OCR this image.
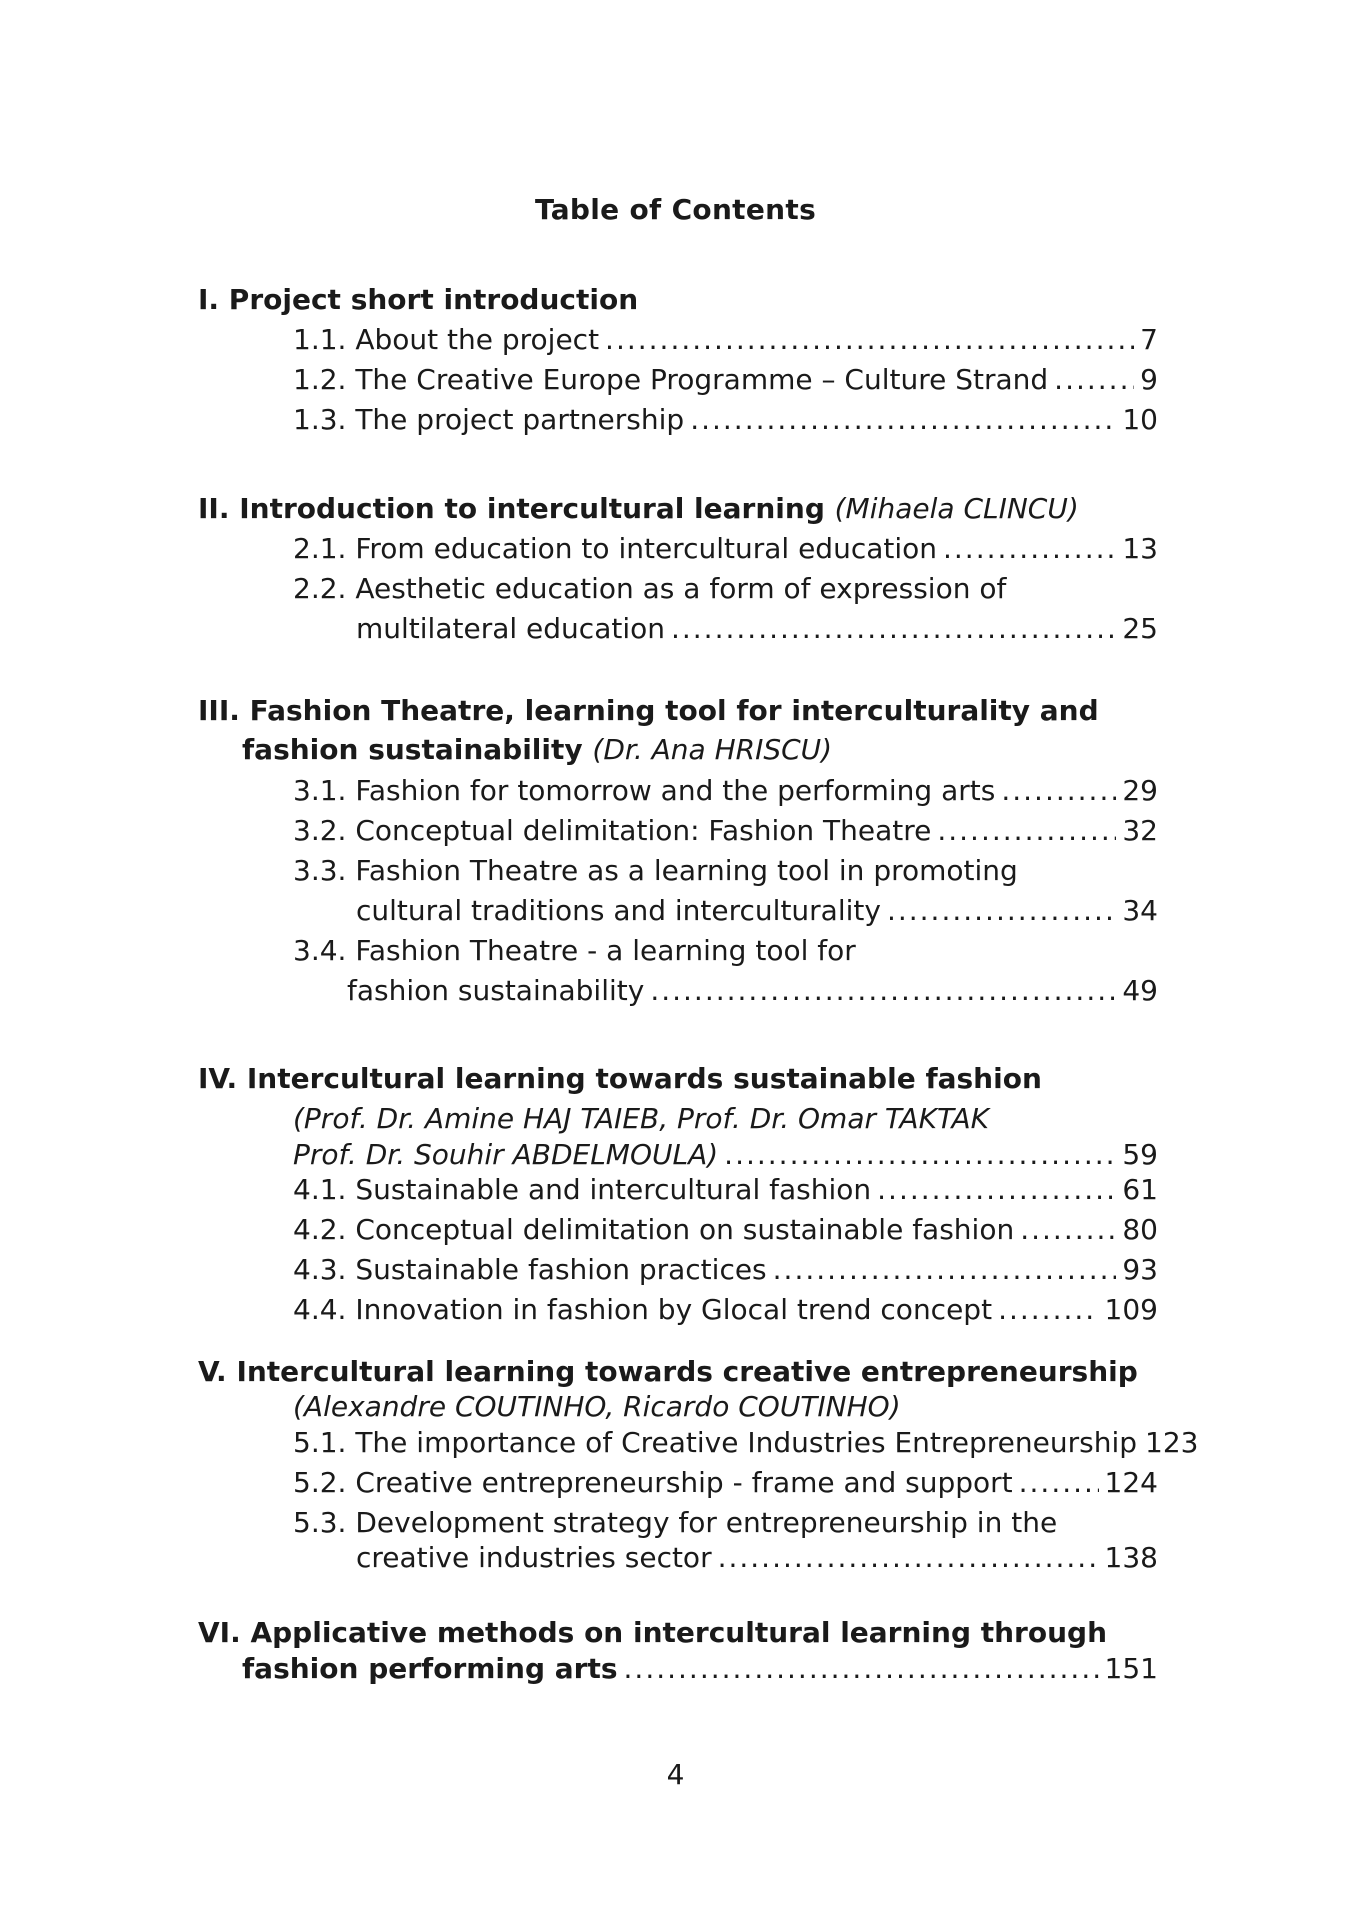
Table of Contents
I. Project short introduction
1.1. About the project .....	7
1.2. The Creative Europe Programme – Culture Strand .....	9
1.3. The project partnership .....	10
II. Introduction to intercultural learning (Mihaela CLINCU)
2.1. From education to intercultural education .....	13
2.2. Aesthetic education as a form of expression of
multilateral education .....	25
III. Fashion Theatre, learning tool for interculturality and
fashion sustainability (Dr. Ana HRISCU)
3.1. Fashion for tomorrow and the performing arts .....	29
3.2. Conceptual delimitation: Fashion Theatre .....	32
3.3. Fashion Theatre as a learning tool in promoting
cultural traditions and interculturality .....	34
3.4. Fashion Theatre - a learning tool for
fashion sustainability .....	49
IV. Intercultural learning towards sustainable fashion
(Prof. Dr. Amine HAJ TAIEB, Prof. Dr. Omar TAKTAK
Prof. Dr. Souhir ABDELMOULA) .....	59
4.1. Sustainable and intercultural fashion .....	61
4.2. Conceptual delimitation on sustainable fashion .....	80
4.3. Sustainable fashion practices .....	93
4.4. Innovation in fashion by Glocal trend concept .....	109
V. Intercultural learning towards creative entrepreneurship
(Alexandre COUTINHO, Ricardo COUTINHO)
5.1. The importance of Creative Industries Entrepreneurship 123
5.2. Creative entrepreneurship - frame and support .....	124
5.3. Development strategy for entrepreneurship in the
creative industries sector .....	138
VI. Applicative methods on intercultural learning through
fashion performing arts .....	151
4
